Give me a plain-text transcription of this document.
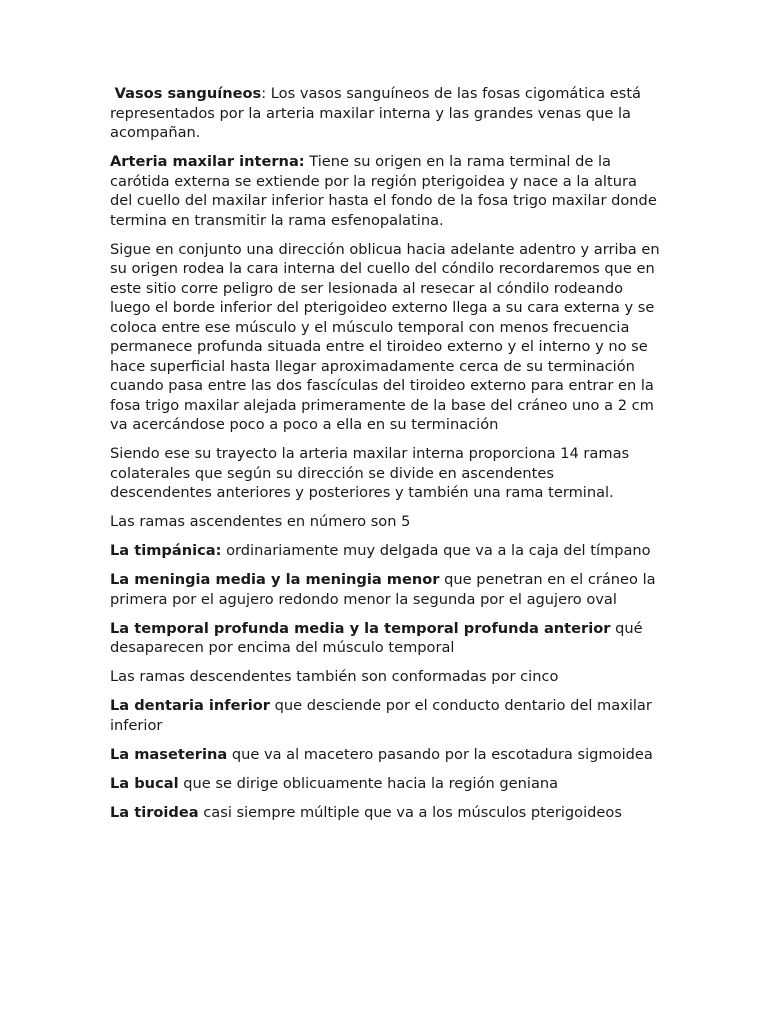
Vasos sanguíneos: Los vasos sanguíneos de las fosas cigomática está representados por la arteria maxilar interna y las grandes venas que la acompañan.

Arteria maxilar interna: Tiene su origen en la rama terminal de la carótida externa se extiende por la región pterigoidea y nace a la altura del cuello del maxilar inferior hasta el fondo de la fosa trigo maxilar donde termina en transmitir la rama esfenopalatina.

Sigue en conjunto una dirección oblicua hacia adelante adentro y arriba en su origen rodea la cara interna del cuello del cóndilo recordaremos que en este sitio corre peligro de ser lesionada al resecar al cóndilo rodeando luego el borde inferior del pterigoideo externo llega a su cara externa y se coloca entre ese músculo y el músculo temporal con menos frecuencia permanece profunda situada entre el tiroideo externo y el interno y no se hace superficial hasta llegar aproximadamente cerca de su terminación cuando pasa entre las dos fascículas del tiroideo externo para entrar en la fosa trigo maxilar alejada primeramente de la base del cráneo uno a 2 cm va acercándose poco a poco a ella en su terminación

Siendo ese su trayecto la arteria maxilar interna proporciona 14 ramas colaterales que según su dirección se divide en ascendentes descendentes anteriores y posteriores y también una rama terminal.

Las ramas ascendentes en número son 5

La timpánica: ordinariamente muy delgada que va a la caja del tímpano

La meningia media y la meningia menor que penetran en el cráneo la primera por el agujero redondo menor la segunda por el agujero oval

La temporal profunda media y la temporal profunda anterior qué desaparecen por encima del músculo temporal

Las ramas descendentes también son conformadas por cinco

La dentaria inferior que desciende por el conducto dentario del maxilar inferior

La maseterina que va al macetero pasando por la escotadura sigmoidea

La bucal que se dirige oblicuamente hacia la región geniana

La tiroidea casi siempre múltiple que va a los músculos pterigoideos
